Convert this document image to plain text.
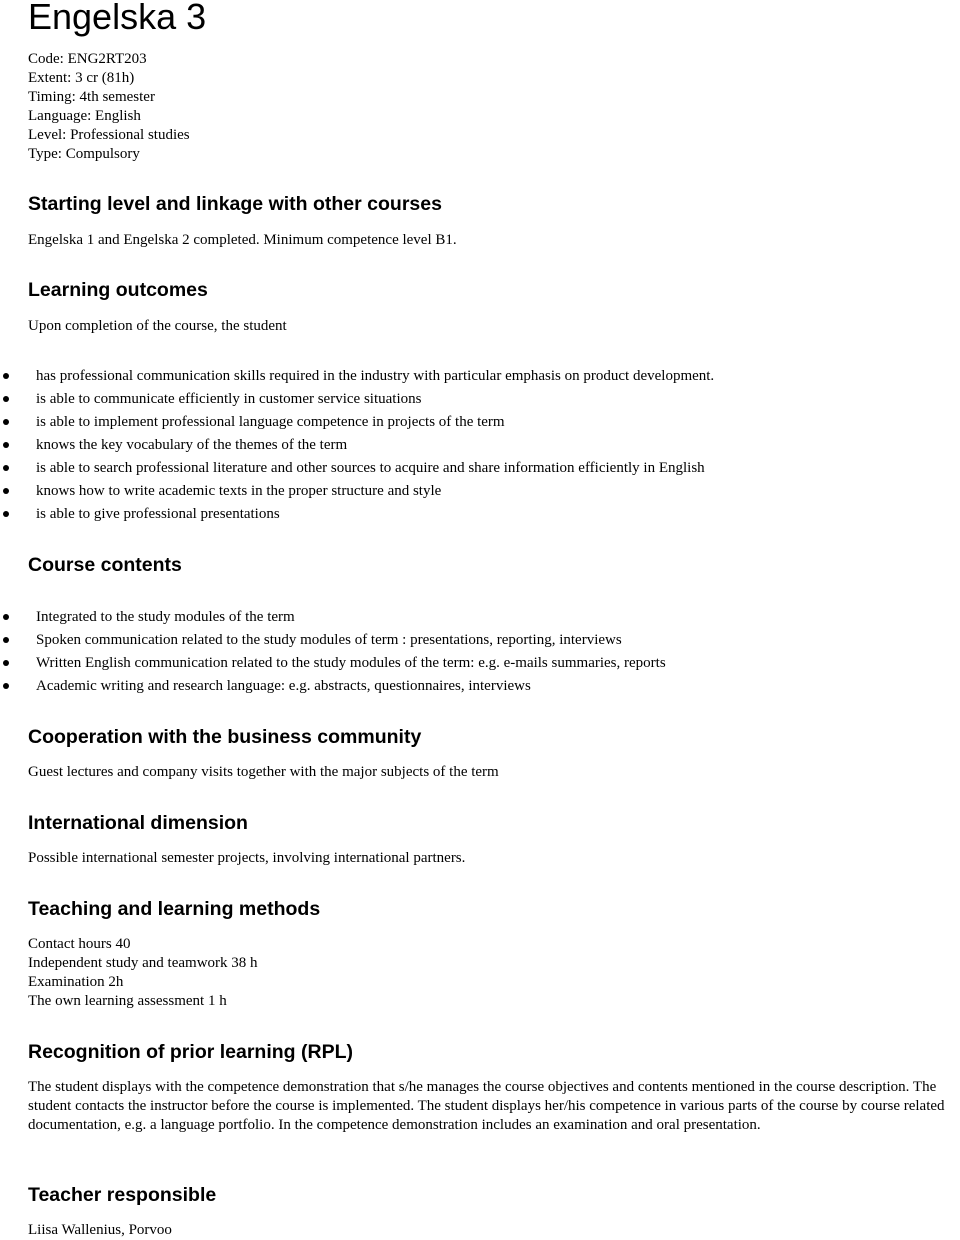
Engelska 3
Code: ENG2RT203
Extent: 3 cr (81h)
Timing: 4th semester
Language: English
Level: Professional studies
Type: Compulsory
Starting level and linkage with other courses

Engelska 1 and Engelska 2 completed. Minimum competence level B1.

Learning outcomes

Upon completion of the course, the student

has professional communication skills required in the industry with particular emphasis on product development.
is able to communicate efficiently in customer service situations
is able to implement professional language competence in projects of the term
knows the key vocabulary of the themes of the term
is able to search professional literature and other sources to acquire and share information efficiently in English
knows how to write academic texts in the proper structure and style
is able to give professional presentations
Course contents
Integrated to the study modules of the term
Spoken communication related to the study modules of term : presentations, reporting, interviews
Written English communication related to the study modules of the term: e.g. e-mails summaries, reports
Academic writing and research language: e.g. abstracts, questionnaires, interviews
Cooperation with the business community

Guest lectures and company visits together with the major subjects of the term

International dimension

Possible international semester projects, involving international partners.

Teaching and learning methods

Contact hours 40

Independent study and teamwork 38 h

Examination 2h

The own learning assessment 1 h

Recognition of prior learning (RPL)

The student displays with the competence demonstration that s/he manages the course objectives and contents mentioned in the course description. The student contacts the instructor before the course is implemented. The student displays her/his competence in various parts of the course by course related documentation, e.g. a language portfolio. In the competence demonstration includes an examination and oral presentation.

Teacher responsible

Liisa Wallenius, Porvoo
